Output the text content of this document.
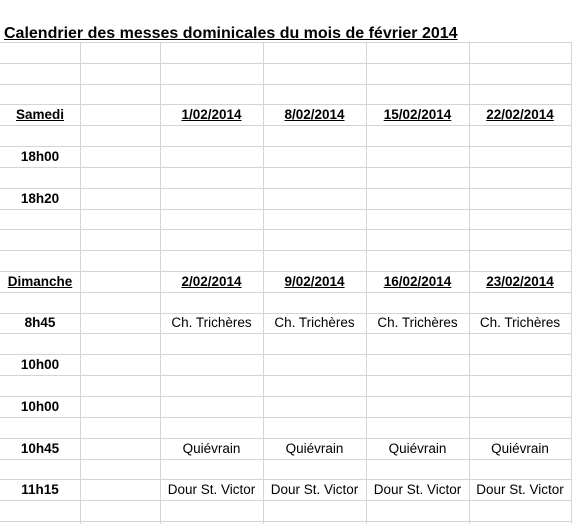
Calendrier des messes dominicales du mois de février 2014
Samedi	1/02/2014	8/02/2014	15/02/2014	22/02/2014
18h00
18h20
Dimanche	2/02/2014	9/02/2014	16/02/2014	23/02/2014
8h45	Ch. Trichères	Ch. Trichères	Ch. Trichères	Ch. Trichères
10h00
10h00
10h45	Quiévrain	Quiévrain	Quiévrain	Quiévrain
11h15	Dour St. Victor	Dour St. Victor	Dour St. Victor	Dour St. Victor
